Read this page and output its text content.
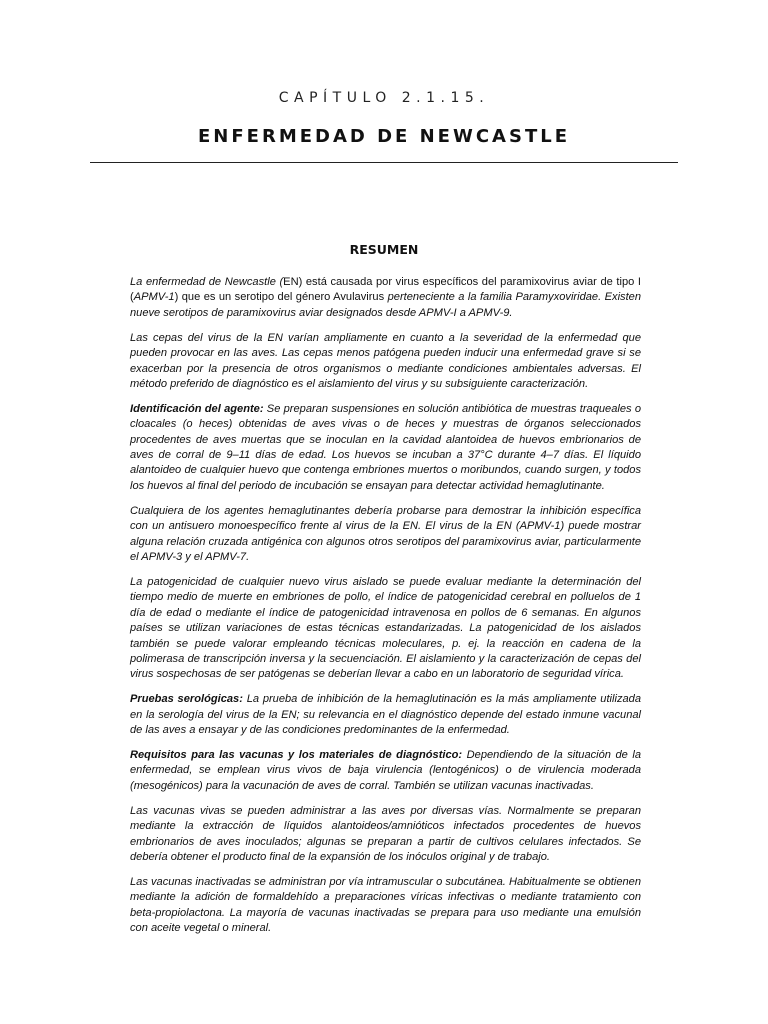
CAPÍTULO 2.1.15.
ENFERMEDAD DE NEWCASTLE
RESUMEN

La enfermedad de Newcastle (EN) está causada por virus específicos del paramixovirus aviar de tipo I (APMV-1) que es un serotipo del género Avulavirus perteneciente a la familia Paramyxoviridae. Existen nueve serotipos de paramixovirus aviar designados desde APMV-I a APMV-9.

Las cepas del virus de la EN varían ampliamente en cuanto a la severidad de la enfermedad que pueden provocar en las aves. Las cepas menos patógena pueden inducir una enfermedad grave si se exacerban por la presencia de otros organismos o mediante condiciones ambientales adversas. El método preferido de diagnóstico es el aislamiento del virus y su subsiguiente caracterización.

Identificación del agente: Se preparan suspensiones en solución antibiótica de muestras traqueales o cloacales (o heces) obtenidas de aves vivas o de heces y muestras de órganos seleccionados procedentes de aves muertas que se inoculan en la cavidad alantoidea de huevos embrionarios de aves de corral de 9–11 días de edad. Los huevos se incuban a 37°C durante 4–7 días. El líquido alantoideo de cualquier huevo que contenga embriones muertos o moribundos, cuando surgen, y todos los huevos al final del periodo de incubación se ensayan para detectar actividad hemaglutinante.

Cualquiera de los agentes hemaglutinantes debería probarse para demostrar la inhibición específica con un antisuero monoespecífico frente al virus de la EN. El virus de la EN (APMV-1) puede mostrar alguna relación cruzada antigénica con algunos otros serotipos del paramixovirus aviar, particularmente el APMV-3 y el APMV-7.

La patogenicidad de cualquier nuevo virus aislado se puede evaluar mediante la determinación del tiempo medio de muerte en embriones de pollo, el índice de patogenicidad cerebral en polluelos de 1 día de edad o mediante el índice de patogenicidad intravenosa en pollos de 6 semanas. En algunos países se utilizan variaciones de estas técnicas estandarizadas. La patogenicidad de los aislados también se puede valorar empleando técnicas moleculares, p. ej. la reacción en cadena de la polimerasa de transcripción inversa y la secuenciación. El aislamiento y la caracterización de cepas del virus sospechosas de ser patógenas se deberían llevar a cabo en un laboratorio de seguridad vírica.

Pruebas serológicas: La prueba de inhibición de la hemaglutinación es la más ampliamente utilizada en la serología del virus de la EN; su relevancia en el diagnóstico depende del estado inmune vacunal de las aves a ensayar y de las condiciones predominantes de la enfermedad.

Requisitos para las vacunas y los materiales de diagnóstico: Dependiendo de la situación de la enfermedad, se emplean virus vivos de baja virulencia (lentogénicos) o de virulencia moderada (mesogénicos) para la vacunación de aves de corral. También se utilizan vacunas inactivadas.

Las vacunas vivas se pueden administrar a las aves por diversas vías. Normalmente se preparan mediante la extracción de líquidos alantoideos/amnióticos infectados procedentes de huevos embrionarios de aves inoculados; algunas se preparan a partir de cultivos celulares infectados. Se debería obtener el producto final de la expansión de los inóculos original y de trabajo.

Las vacunas inactivadas se administran por vía intramuscular o subcutánea. Habitualmente se obtienen mediante la adición de formaldehído a preparaciones víricas infectivas o mediante tratamiento con beta-propiolactona. La mayoría de vacunas inactivadas se prepara para uso mediante una emulsión con aceite vegetal o mineral.
